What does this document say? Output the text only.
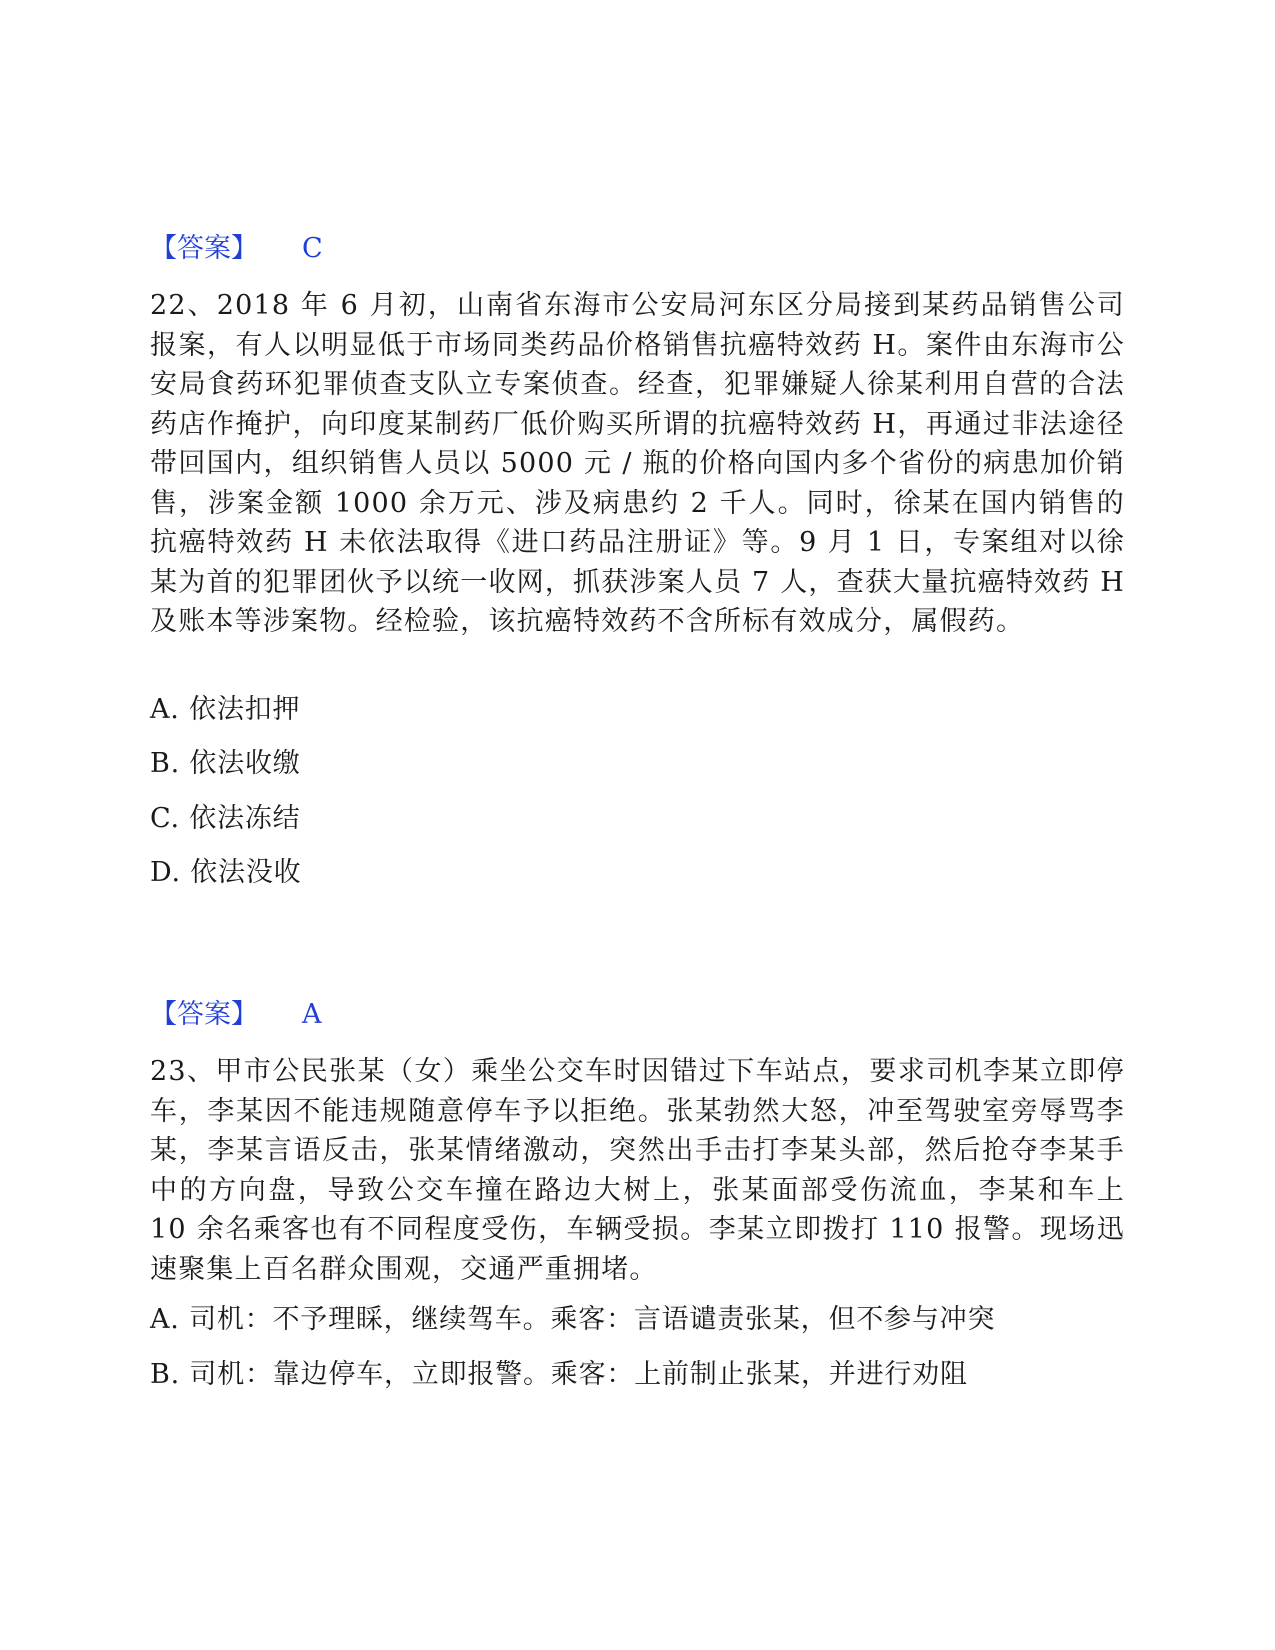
【答案】 C

22、2018 年 6 月初，山南省东海市公安局河东区分局接到某药品销售公司报案，有人以明显低于市场同类药品价格销售抗癌特效药 H。案件由东海市公安局食药环犯罪侦查支队立专案侦查。经查，犯罪嫌疑人徐某利用自营的合法药店作掩护，向印度某制药厂低价购买所谓的抗癌特效药 H，再通过非法途径带回国内，组织销售人员以 5000 元 / 瓶的价格向国内多个省份的病患加价销售，涉案金额 1000 余万元、涉及病患约 2 千人。同时，徐某在国内销售的抗癌特效药 H 未依法取得《进口药品注册证》等。9 月 1 日，专案组对以徐某为首的犯罪团伙予以统一收网，抓获涉案人员 7 人，查获大量抗癌特效药 H 及账本等涉案物。经检验，该抗癌特效药不含所标有效成分，属假药。

A. 依法扣押
B. 依法收缴
C. 依法冻结
D. 依法没收
【答案】 A

23、甲市公民张某（女）乘坐公交车时因错过下车站点，要求司机李某立即停车，李某因不能违规随意停车予以拒绝。张某勃然大怒，冲至驾驶室旁辱骂李某，李某言语反击，张某情绪激动，突然出手击打李某头部，然后抢夺李某手中的方向盘，导致公交车撞在路边大树上，张某面部受伤流血，李某和车上 10 余名乘客也有不同程度受伤，车辆受损。李某立即拨打 110 报警。现场迅速聚集上百名群众围观，交通严重拥堵。

A. 司机：不予理睬，继续驾车。乘客：言语谴责张某，但不参与冲突
B. 司机：靠边停车，立即报警。乘客：上前制止张某，并进行劝阻
